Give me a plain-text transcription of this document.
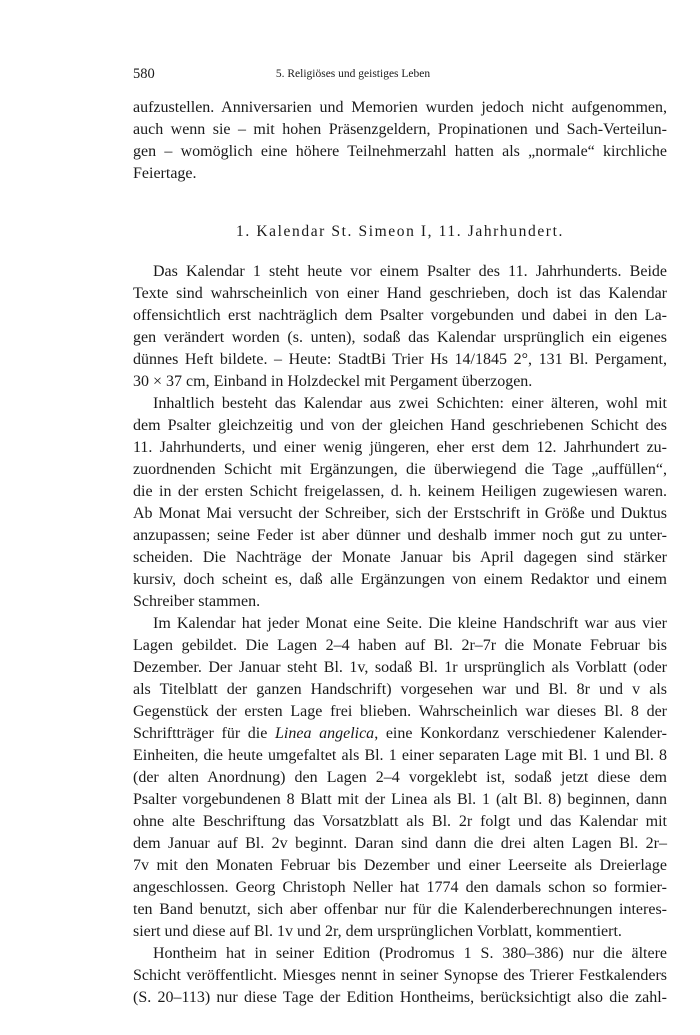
580	5. Religiöses und geistiges Leben
aufzustellen. Anniversarien und Memorien wurden jedoch nicht aufgenommen,
auch wenn sie – mit hohen Präsenzgeldern, Propinationen und Sach-Verteilun-
gen – womöglich eine höhere Teilnehmerzahl hatten als „normale“ kirchliche
Feiertage.
1. Kalendar St. Simeon I, 11. Jahrhundert.
Das Kalendar 1 steht heute vor einem Psalter des 11. Jahrhunderts. Beide
Texte sind wahrscheinlich von einer Hand geschrieben, doch ist das Kalendar
offensichtlich erst nachträglich dem Psalter vorgebunden und dabei in den La-
gen verändert worden (s. unten), sodaß das Kalendar ursprünglich ein eigenes
dünnes Heft bildete. – Heute: StadtBi Trier Hs 14/1845 2°, 131 Bl. Pergament,
30 × 37 cm, Einband in Holzdeckel mit Pergament überzogen.
Inhaltlich besteht das Kalendar aus zwei Schichten: einer älteren, wohl mit
dem Psalter gleichzeitig und von der gleichen Hand geschriebenen Schicht des
11. Jahrhunderts, und einer wenig jüngeren, eher erst dem 12. Jahrhundert zu-
zuordnenden Schicht mit Ergänzungen, die überwiegend die Tage „auffüllen“,
die in der ersten Schicht freigelassen, d. h. keinem Heiligen zugewiesen waren.
Ab Monat Mai versucht der Schreiber, sich der Erstschrift in Größe und Duktus
anzupassen; seine Feder ist aber dünner und deshalb immer noch gut zu unter-
scheiden. Die Nachträge der Monate Januar bis April dagegen sind stärker
kursiv, doch scheint es, daß alle Ergänzungen von einem Redaktor und einem
Schreiber stammen.
Im Kalendar hat jeder Monat eine Seite. Die kleine Handschrift war aus vier
Lagen gebildet. Die Lagen 2–4 haben auf Bl. 2r–7r die Monate Februar bis
Dezember. Der Januar steht Bl. 1v, sodaß Bl. 1r ursprünglich als Vorblatt (oder
als Titelblatt der ganzen Handschrift) vorgesehen war und Bl. 8r und v als
Gegenstück der ersten Lage frei blieben. Wahrscheinlich war dieses Bl. 8 der
Schriftträger für die Linea angelica, eine Konkordanz verschiedener Kalender-
Einheiten, die heute umgefaltet als Bl. 1 einer separaten Lage mit Bl. 1 und Bl. 8
(der alten Anordnung) den Lagen 2–4 vorgeklebt ist, sodaß jetzt diese dem
Psalter vorgebundenen 8 Blatt mit der Linea als Bl. 1 (alt Bl. 8) beginnen, dann
ohne alte Beschriftung das Vorsatzblatt als Bl. 2r folgt und das Kalendar mit
dem Januar auf Bl. 2v beginnt. Daran sind dann die drei alten Lagen Bl. 2r–
7v mit den Monaten Februar bis Dezember und einer Leerseite als Dreierlage
angeschlossen. Georg Christoph Neller hat 1774 den damals schon so formier-
ten Band benutzt, sich aber offenbar nur für die Kalenderberechnungen interes-
siert und diese auf Bl. 1v und 2r, dem ursprünglichen Vorblatt, kommentiert.
Hontheim hat in seiner Edition (Prodromus 1 S. 380–386) nur die ältere
Schicht veröffentlicht. Miesges nennt in seiner Synopse des Trierer Festkalenders
(S. 20–113) nur diese Tage der Edition Hontheims, berücksichtigt also die zahl-
